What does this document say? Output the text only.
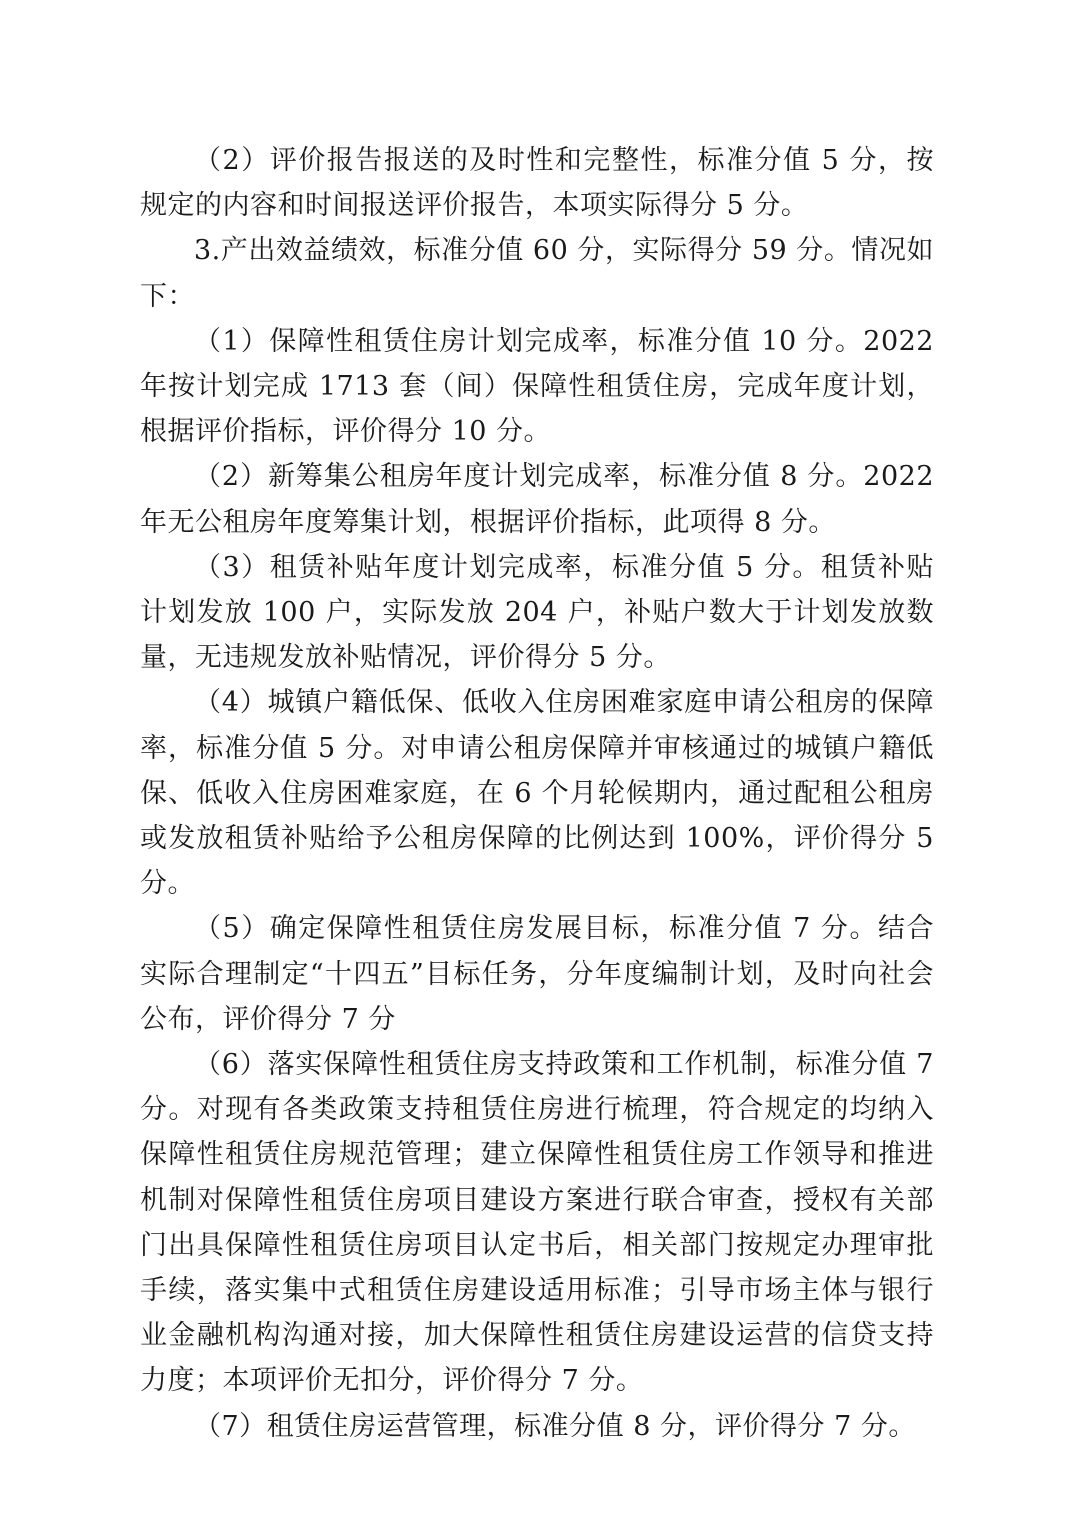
（2）评价报告报送的及时性和完整性，标准分值 5 分，按规定的内容和时间报送评价报告，本项实际得分 5 分。

3.产出效益绩效，标准分值 60 分，实际得分 59 分。情况如下：

（1）保障性租赁住房计划完成率，标准分值 10 分。2022 年按计划完成 1713 套（间）保障性租赁住房，完成年度计划，根据评价指标，评价得分 10 分。

（2）新筹集公租房年度计划完成率，标准分值 8 分。2022 年无公租房年度筹集计划，根据评价指标，此项得 8 分。

（3）租赁补贴年度计划完成率，标准分值 5 分。租赁补贴计划发放 100 户，实际发放 204 户，补贴户数大于计划发放数量，无违规发放补贴情况，评价得分 5 分。

（4）城镇户籍低保、低收入住房困难家庭申请公租房的保障率，标准分值 5 分。对申请公租房保障并审核通过的城镇户籍低保、低收入住房困难家庭，在 6 个月轮候期内，通过配租公租房或发放租赁补贴给予公租房保障的比例达到 100%，评价得分 5 分。

（5）确定保障性租赁住房发展目标，标准分值 7 分。结合实际合理制定“十四五”目标任务，分年度编制计划，及时向社会公布，评价得分 7 分

（6）落实保障性租赁住房支持政策和工作机制，标准分值 7 分。对现有各类政策支持租赁住房进行梳理，符合规定的均纳入保障性租赁住房规范管理；建立保障性租赁住房工作领导和推进机制对保障性租赁住房项目建设方案进行联合审查，授权有关部门出具保障性租赁住房项目认定书后，相关部门按规定办理审批手续，落实集中式租赁住房建设适用标准；引导市场主体与银行业金融机构沟通对接，加大保障性租赁住房建设运营的信贷支持力度；本项评价无扣分，评价得分 7 分。

（7）租赁住房运营管理，标准分值 8 分，评价得分 7 分。
